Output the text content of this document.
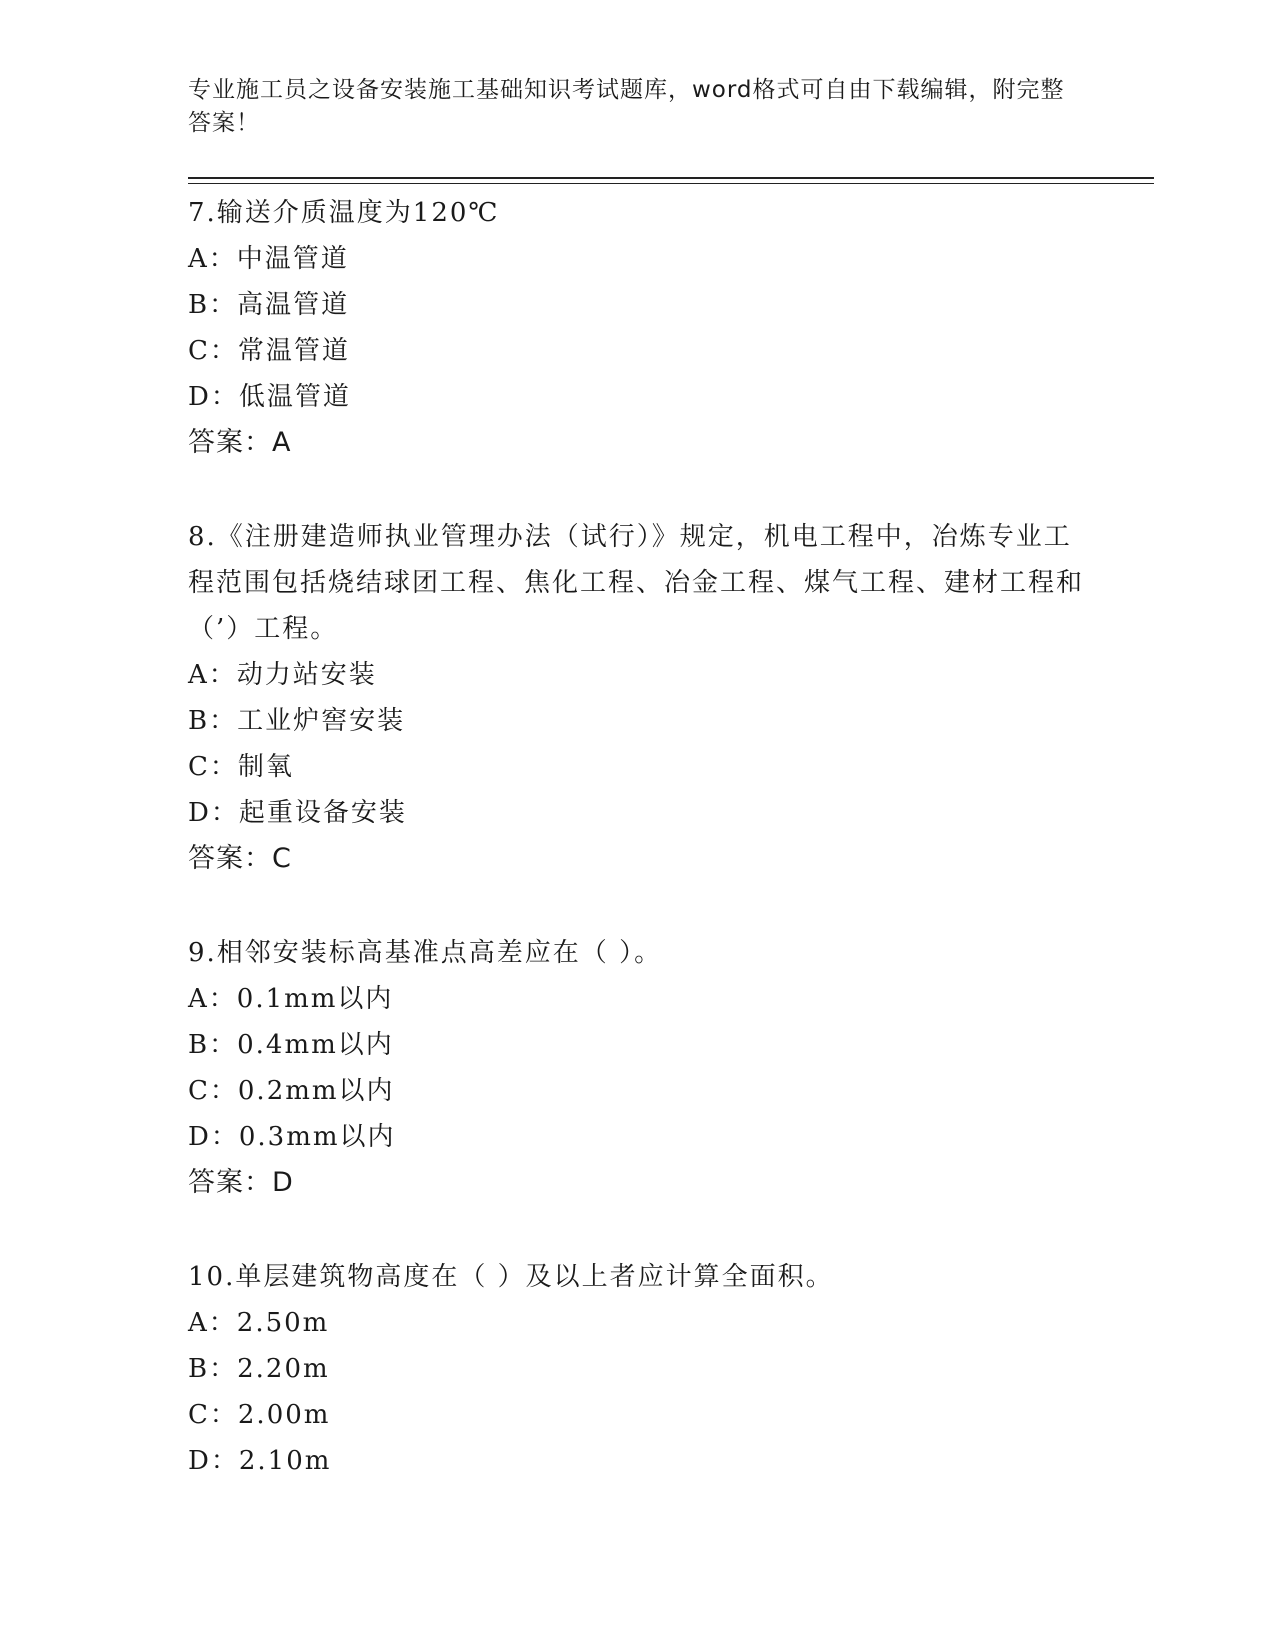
专业施工员之设备安装施工基础知识考试题库，word格式可自由下载编辑，附完整答案！

7.输送介质温度为120℃

A：中温管道

B：高温管道

C：常温管道

D：低温管道

答案：A

8.《注册建造师执业管理办法（试行）》规定，机电工程中，冶炼专业工程范围包括烧结球团工程、焦化工程、冶金工程、煤气工程、建材工程和（’）工程。

A：动力站安装

B：工业炉窖安装

C：制氧

D：起重设备安装

答案：C

9.相邻安装标高基准点高差应在（ ）。

A：0.1mm以内

B：0.4mm以内

C：0.2mm以内

D：0.3mm以内

答案：D

10.单层建筑物高度在（ ）及以上者应计算全面积。

A：2.50m

B：2.20m

C：2.00m

D：2.10m
